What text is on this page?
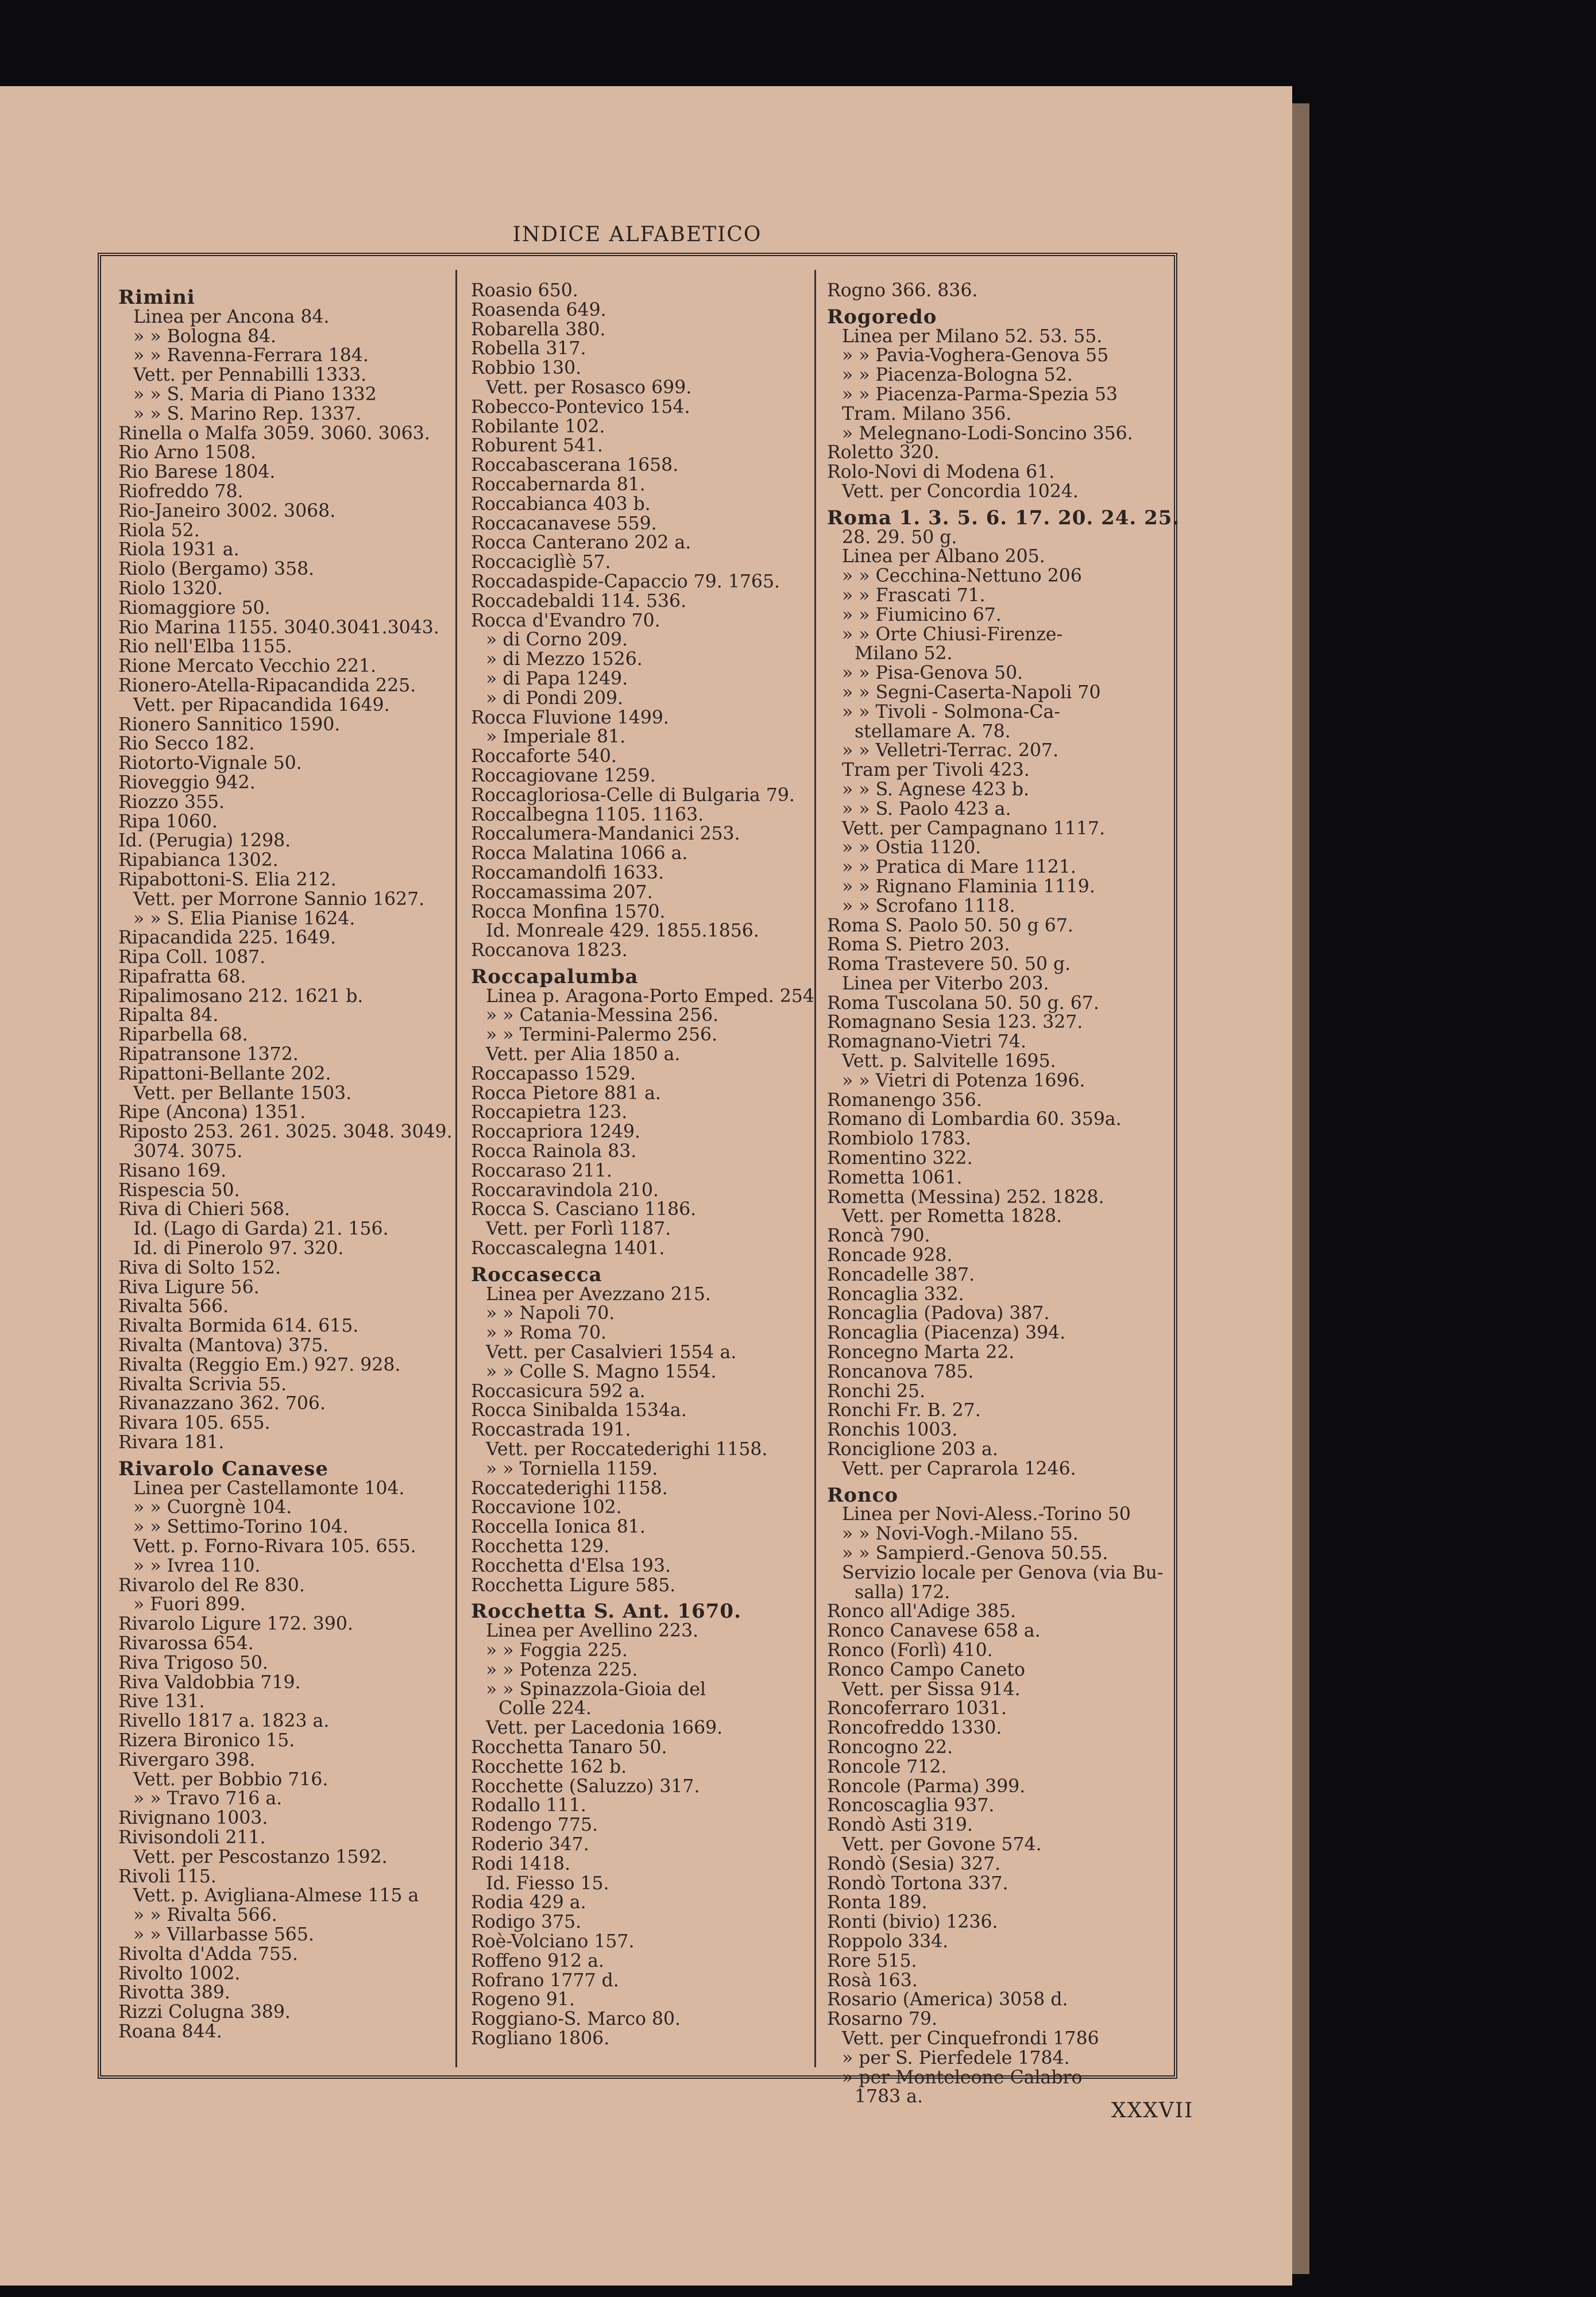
INDICE ALFABETICO
Rimini
Linea per Ancona 84.
» » Bologna 84.
» » Ravenna-Ferrara 184.
Vett. per Pennabilli 1333.
» » S. Maria di Piano 1332
» » S. Marino Rep. 1337.
Rinella o Malfa 3059. 3060. 3063.
Rio Arno 1508.
Rio Barese 1804.
Riofreddo 78.
Rio-Janeiro 3002. 3068.
Riola 52.
Riola 1931 a.
Riolo (Bergamo) 358.
Riolo 1320.
Riomaggiore 50.
Rio Marina 1155. 3040.3041.3043.
Rio nell'Elba 1155.
Rione Mercato Vecchio 221.
Rionero-Atella-Ripacandida 225.
Vett. per Ripacandida 1649.
Rionero Sannitico 1590.
Rio Secco 182.
Riotorto-Vignale 50.
Rioveggio 942.
Riozzo 355.
Ripa 1060.
Id. (Perugia) 1298.
Ripabianca 1302.
Ripabottoni-S. Elia 212.
Vett. per Morrone Sannio 1627.
» » S. Elia Pianise 1624.
Ripacandida 225. 1649.
Ripa Coll. 1087.
Ripafratta 68.
Ripalimosano 212. 1621 b.
Ripalta 84.
Riparbella 68.
Ripatransone 1372.
Ripattoni-Bellante 202.
Vett. per Bellante 1503.
Ripe (Ancona) 1351.
Riposto 253. 261. 3025. 3048. 3049.
3074. 3075.
Risano 169.
Rispescia 50.
Riva di Chieri 568.
Id. (Lago di Garda) 21. 156.
Id. di Pinerolo 97. 320.
Riva di Solto 152.
Riva Ligure 56.
Rivalta 566.
Rivalta Bormida 614. 615.
Rivalta (Mantova) 375.
Rivalta (Reggio Em.) 927. 928.
Rivalta Scrivia 55.
Rivanazzano 362. 706.
Rivara 105. 655.
Rivara 181.
Rivarolo Canavese
Linea per Castellamonte 104.
» » Cuorgnè 104.
» » Settimo-Torino 104.
Vett. p. Forno-Rivara 105. 655.
» » Ivrea 110.
Rivarolo del Re 830.
» Fuori 899.
Rivarolo Ligure 172. 390.
Rivarossa 654.
Riva Trigoso 50.
Riva Valdobbia 719.
Rive 131.
Rivello 1817 a. 1823 a.
Rizera Bironico 15.
Rivergaro 398.
Vett. per Bobbio 716.
» » Travo 716 a.
Rivignano 1003.
Rivisondoli 211.
Vett. per Pescostanzo 1592.
Rivoli 115.
Vett. p. Avigliana-Almese 115 a
» » Rivalta 566.
» » Villarbasse 565.
Rivolta d'Adda 755.
Rivolto 1002.
Rivotta 389.
Rizzi Colugna 389.
Roana 844.
Roasio 650.
Roasenda 649.
Robarella 380.
Robella 317.
Robbio 130.
Vett. per Rosasco 699.
Robecco-Pontevico 154.
Robilante 102.
Roburent 541.
Roccabascerana 1658.
Roccabernarda 81.
Roccabianca 403 b.
Roccacanavese 559.
Rocca Canterano 202 a.
Roccaciglìè 57.
Roccadaspide-Capaccio 79. 1765.
Roccadebaldi 114. 536.
Rocca d'Evandro 70.
» di Corno 209.
» di Mezzo 1526.
» di Papa 1249.
» di Pondi 209.
Rocca Fluvione 1499.
» Imperiale 81.
Roccaforte 540.
Roccagiovane 1259.
Roccagloriosa-Celle di Bulgaria 79.
Roccalbegna 1105. 1163.
Roccalumera-Mandanici 253.
Rocca Malatina 1066 a.
Roccamandolfi 1633.
Roccamassima 207.
Rocca Monfina 1570.
Id. Monreale 429. 1855.1856.
Roccanova 1823.
Roccapalumba
Linea p. Aragona-Porto Emped. 254
» » Catania-Messina 256.
» » Termini-Palermo 256.
Vett. per Alia 1850 a.
Roccapasso 1529.
Rocca Pietore 881 a.
Roccapietra 123.
Roccapriora 1249.
Rocca Rainola 83.
Roccaraso 211.
Roccaravindola 210.
Rocca S. Casciano 1186.
Vett. per Forlì 1187.
Roccascalegna 1401.
Roccasecca
Linea per Avezzano 215.
» » Napoli 70.
» » Roma 70.
Vett. per Casalvieri 1554 a.
» » Colle S. Magno 1554.
Roccasicura 592 a.
Rocca Sinibalda 1534a.
Roccastrada 191.
Vett. per Roccatederighi 1158.
» » Torniella 1159.
Roccatederighi 1158.
Roccavione 102.
Roccella Ionica 81.
Rocchetta 129.
Rocchetta d'Elsa 193.
Rocchetta Ligure 585.
Rocchetta S. Ant. 1670.
Linea per Avellino 223.
» » Foggia 225.
» » Potenza 225.
» » Spinazzola-Gioia del
Colle 224.
Vett. per Lacedonia 1669.
Rocchetta Tanaro 50.
Rocchette 162 b.
Rocchette (Saluzzo) 317.
Rodallo 111.
Rodengo 775.
Roderio 347.
Rodi 1418.
Id. Fiesso 15.
Rodia 429 a.
Rodigo 375.
Roè-Volciano 157.
Roffeno 912 a.
Rofrano 1777 d.
Rogeno 91.
Roggiano-S. Marco 80.
Rogliano 1806.
Rogno 366. 836.
Rogoredo
Linea per Milano 52. 53. 55.
» » Pavia-Voghera-Genova 55
» » Piacenza-Bologna 52.
» » Piacenza-Parma-Spezia 53
Tram. Milano 356.
» Melegnano-Lodi-Soncino 356.
Roletto 320.
Rolo-Novi di Modena 61.
Vett. per Concordia 1024.
Roma 1. 3. 5. 6. 17. 20. 24. 25.
28. 29. 50 g.
Linea per Albano 205.
» » Cecchina-Nettuno 206
» » Frascati 71.
» » Fiumicino 67.
» » Orte Chiusi-Firenze-
Milano 52.
» » Pisa-Genova 50.
» » Segni-Caserta-Napoli 70
» » Tivoli - Solmona-Ca-
stellamare A. 78.
» » Velletri-Terrac. 207.
Tram per Tivoli 423.
» » S. Agnese 423 b.
» » S. Paolo 423 a.
Vett. per Campagnano 1117.
» » Ostia 1120.
» » Pratica di Mare 1121.
» » Rignano Flaminia 1119.
» » Scrofano 1118.
Roma S. Paolo 50. 50 g 67.
Roma S. Pietro 203.
Roma Trastevere 50. 50 g.
Linea per Viterbo 203.
Roma Tuscolana 50. 50 g. 67.
Romagnano Sesia 123. 327.
Romagnano-Vietri 74.
Vett. p. Salvitelle 1695.
» » Vietri di Potenza 1696.
Romanengo 356.
Romano di Lombardia 60. 359a.
Rombiolo 1783.
Romentino 322.
Rometta 1061.
Rometta (Messina) 252. 1828.
Vett. per Rometta 1828.
Roncà 790.
Roncade 928.
Roncadelle 387.
Roncaglia 332.
Roncaglia (Padova) 387.
Roncaglia (Piacenza) 394.
Roncegno Marta 22.
Roncanova 785.
Ronchi 25.
Ronchi Fr. B. 27.
Ronchis 1003.
Ronciglione 203 a.
Vett. per Caprarola 1246.
Ronco
Linea per Novi-Aless.-Torino 50
» » Novi-Vogh.-Milano 55.
» » Sampierd.-Genova 50.55.
Servizio locale per Genova (via Bu-
salla) 172.
Ronco all'Adige 385.
Ronco Canavese 658 a.
Ronco (Forlì) 410.
Ronco Campo Caneto
Vett. per Sissa 914.
Roncoferraro 1031.
Roncofreddo 1330.
Roncogno 22.
Roncole 712.
Roncole (Parma) 399.
Roncoscaglia 937.
Rondò Asti 319.
Vett. per Govone 574.
Rondò (Sesia) 327.
Rondò Tortona 337.
Ronta 189.
Ronti (bivio) 1236.
Roppolo 334.
Rore 515.
Rosà 163.
Rosario (America) 3058 d.
Rosarno 79.
Vett. per Cinquefrondi 1786
» per S. Pierfedele 1784.
» per Monteleone Calabro
1783 a.
XXXVII
